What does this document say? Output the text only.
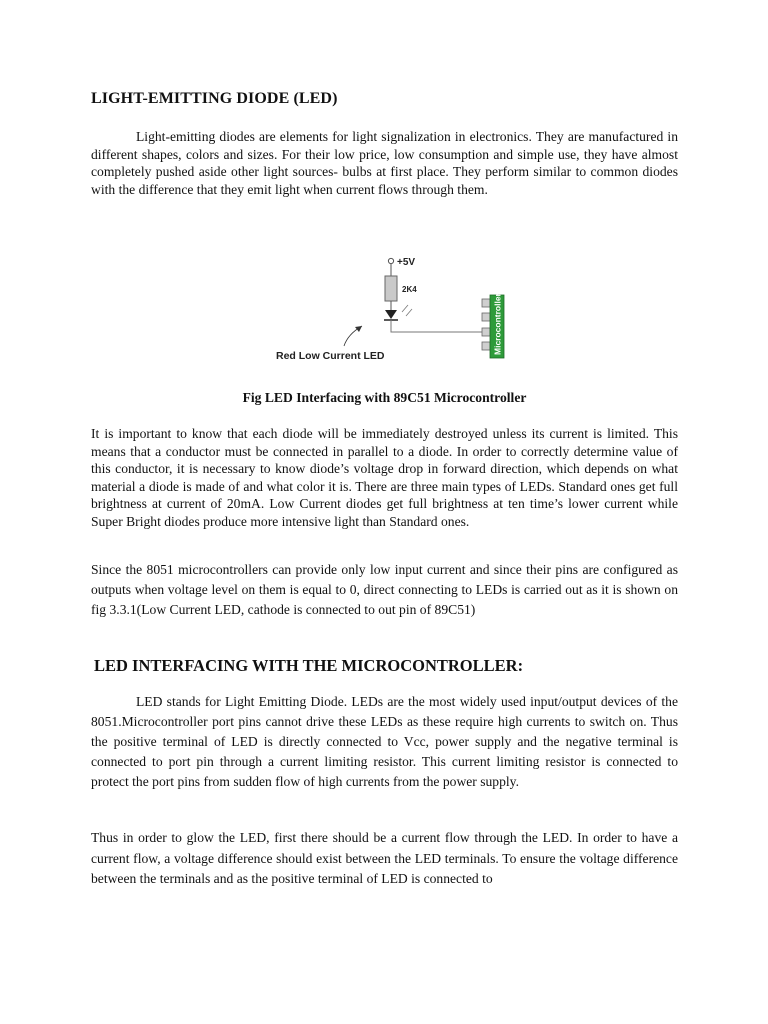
LIGHT-EMITTING DIODE (LED)

Light-emitting diodes are elements for light signalization in electronics. They are manufactured in different shapes, colors and sizes. For their low price, low consumption and simple use, they have almost completely pushed aside other light sources- bulbs at first place. They perform similar to common diodes with the difference that they emit light when current flows through them.

+5V
2K4
Red Low Current LED
Microcontroller
Fig LED Interfacing with 89C51 Microcontroller

It is important to know that each diode will be immediately destroyed unless its current is limited. This means that a conductor must be connected in parallel to a diode. In order to correctly determine value of this conductor, it is necessary to know diode’s voltage drop in forward direction, which depends on what material a diode is made of and what color it is. There are three main types of LEDs. Standard ones get full brightness at current of 20mA. Low Current diodes get full brightness at ten time’s lower current while Super Bright diodes produce more intensive light than Standard ones.

Since the 8051 microcontrollers can provide only low input current and since their pins are configured as outputs when voltage level on them is equal to 0, direct connecting to LEDs is carried out as it is shown on fig 3.3.1(Low Current LED, cathode is connected to out pin of 89C51)

LED INTERFACING WITH THE MICROCONTROLLER:

LED stands for Light Emitting Diode. LEDs are the most widely used input/output devices of the 8051.Microcontroller port pins cannot drive these LEDs as these require high currents to switch on. Thus the positive terminal of LED is directly connected to Vcc, power supply and the negative terminal is connected to port pin through a current limiting resistor. This current limiting resistor is connected to protect the port pins from sudden flow of high currents from the power supply.

Thus in order to glow the LED, first there should be a current flow through the LED. In order to have a current flow, a voltage difference should exist between the LED terminals. To ensure the voltage difference between the terminals and as the positive terminal of LED is connected to
